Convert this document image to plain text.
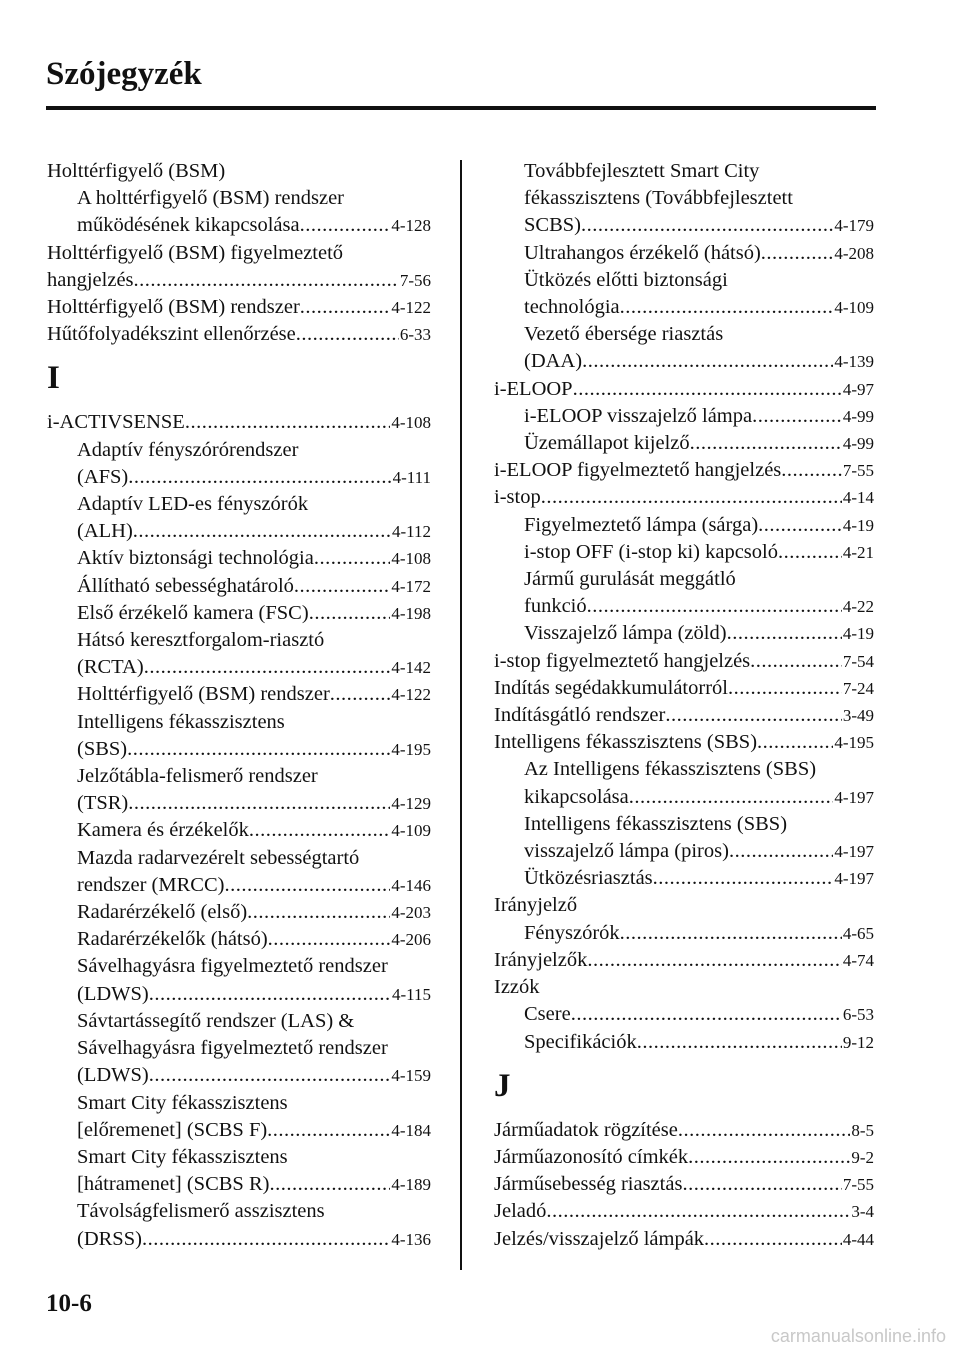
Szójegyzék
Holttérfigyelő (BSM)
A holttérfigyelő (BSM) rendszer
működésének kikapcsolása .....	4-128
Holttérfigyelő (BSM) figyelmeztető
hangjelzés .....	7-56
Holttérfigyelő (BSM) rendszer .....	4-122
Hűtőfolyadékszint ellenőrzése .....	6-33
I
i-ACTIVSENSE .....	4-108
Adaptív fényszórórendszer
(AFS) .....	4-111
Adaptív LED-es fényszórók
(ALH) .....	4-112
Aktív biztonsági technológia .....	4-108
Állítható sebességhatároló .....	4-172
Első érzékelő kamera (FSC) .....	4-198
Hátsó keresztforgalom-riasztó
(RCTA) .....	4-142
Holttérfigyelő (BSM) rendszer .....	4-122
Intelligens fékasszisztens
(SBS) .....	4-195
Jelzőtábla-felismerő rendszer
(TSR) .....	4-129
Kamera és érzékelők .....	4-109
Mazda radarvezérelt sebességtartó
rendszer (MRCC) .....	4-146
Radarérzékelő (első) .....	4-203
Radarérzékelők (hátsó) .....	4-206
Sávelhagyásra figyelmeztető rendszer
(LDWS) .....	4-115
Sávtartássegítő rendszer (LAS) &
Sávelhagyásra figyelmeztető rendszer
(LDWS) .....	4-159
Smart City fékasszisztens
[előremenet] (SCBS F) .....	4-184
Smart City fékasszisztens
[hátramenet] (SCBS R) .....	4-189
Távolságfelismerő asszisztens
(DRSS) .....	4-136
Továbbfejlesztett Smart City
fékasszisztens (Továbbfejlesztett
SCBS) .....	4-179
Ultrahangos érzékelő (hátsó) .....	4-208
Ütközés előtti biztonsági
technológia .....	4-109
Vezető ébersége riasztás
(DAA) .....	4-139
i-ELOOP .....	4-97
i-ELOOP visszajelző lámpa .....	4-99
Üzemállapot kijelző .....	4-99
i-ELOOP figyelmeztető hangjelzés .....	7-55
i-stop .....	4-14
Figyelmeztető lámpa (sárga) .....	4-19
i-stop OFF (i-stop ki) kapcsoló .....	4-21
Jármű gurulását meggátló
funkció .....	4-22
Visszajelző lámpa (zöld) .....	4-19
i-stop figyelmeztető hangjelzés .....	7-54
Indítás segédakkumulátorról .....	7-24
Indításgátló rendszer .....	3-49
Intelligens fékasszisztens (SBS) .....	4-195
Az Intelligens fékasszisztens (SBS)
kikapcsolása .....	4-197
Intelligens fékasszisztens (SBS)
visszajelző lámpa (piros) .....	4-197
Ütközésriasztás .....	4-197
Irányjelző
Fényszórók .....	4-65
Irányjelzők .....	4-74
Izzók
Csere .....	6-53
Specifikációk .....	9-12
J
Járműadatok rögzítése .....	8-5
Járműazonosító címkék .....	9-2
Járműsebesség riasztás .....	7-55
Jeladó .....	3-4
Jelzés/visszajelző lámpák .....	4-44
10-6
carmanualsonline.info
